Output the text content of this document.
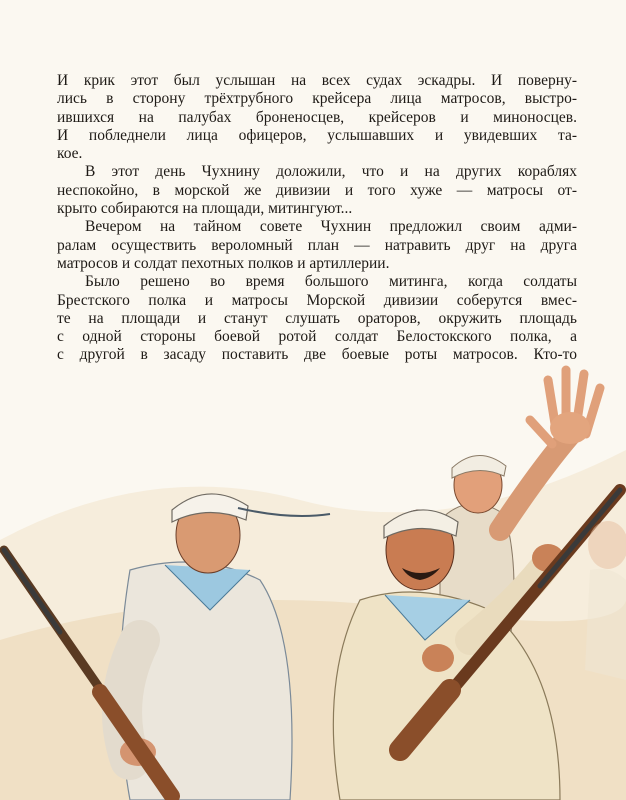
И крик этот был услышан на всех судах эскадры. И поверну-
лись в сторону трёхтрубного крейсера лица матросов, выстро-
ившихся на палубах броненосцев, крейсеров и миноносцев.
И побледнели лица офицеров, услышавших и увидевших та-
кое.
В этот день Чухнину доложили, что и на других кораблях
неспокойно, в морской же дивизии и того хуже — матросы от-
крыто собираются на площади, митингуют...
Вечером на тайном совете Чухнин предложил своим адми-
ралам осуществить вероломный план — натравить друг на друга
матросов и солдат пехотных полков и артиллерии.
Было решено во время большого митинга, когда солдаты
Брестского полка и матросы Морской дивизии соберутся вмес-
те на площади и станут слушать ораторов, окружить площадь
с одной стороны боевой ротой солдат Белостокского полка, а
с другой в засаду поставить две боевые роты матросов. Кто-то
